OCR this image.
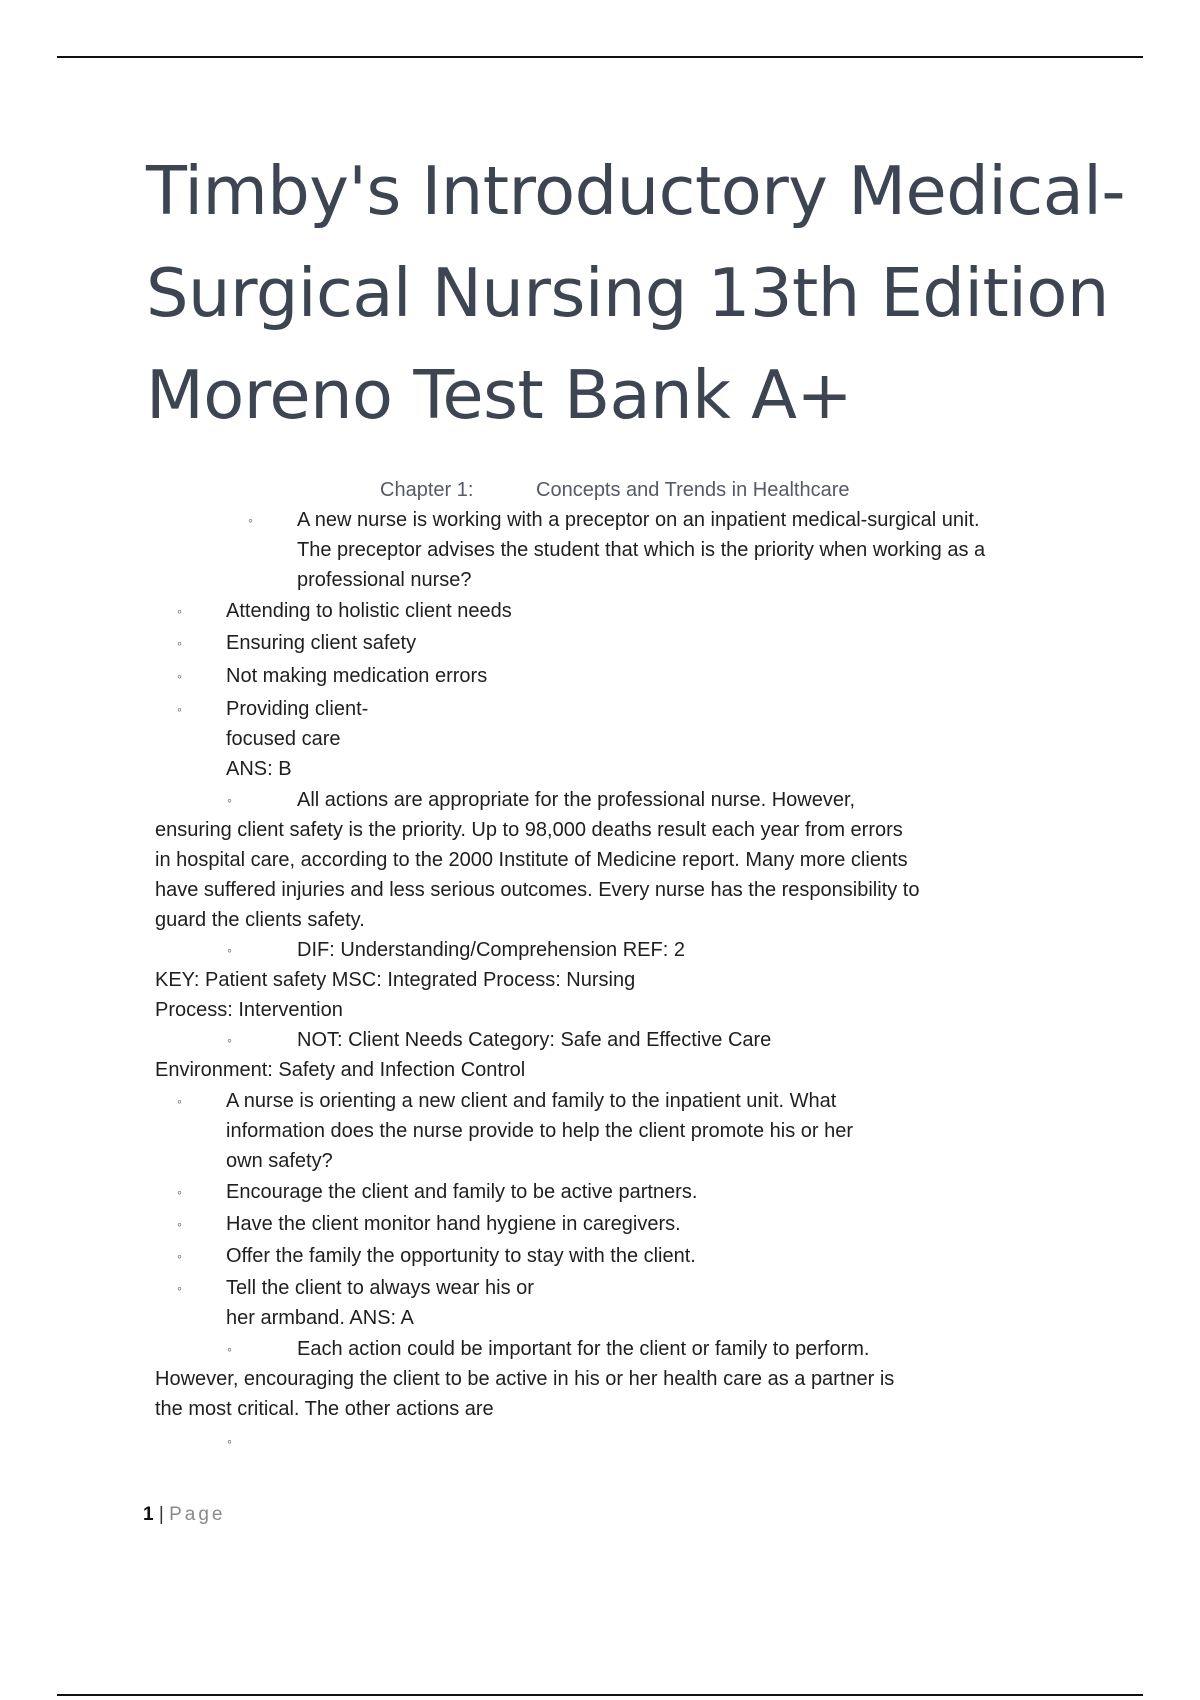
Timby's Introductory Medical-
Surgical Nursing 13th Edition
Moreno Test Bank A+
Chapter 1:	Concepts and Trends in Healthcare
◦ A new nurse is working with a preceptor on an inpatient medical-surgical unit.
The preceptor advises the student that which is the priority when working as a
professional nurse?
◦ Attending to holistic client needs
◦ Ensuring client safety
◦ Not making medication errors
◦ Providing client-
focused care
ANS: B
◦	All actions are appropriate for the professional nurse. However,
ensuring client safety is the priority. Up to 98,000 deaths result each year from errors
in hospital care, according to the 2000 Institute of Medicine report. Many more clients
have suffered injuries and less serious outcomes. Every nurse has the responsibility to
guard the clients safety.
◦	DIF: Understanding/Comprehension REF: 2
KEY: Patient safety MSC: Integrated Process: Nursing
Process: Intervention
◦	NOT: Client Needs Category: Safe and Effective Care
Environment: Safety and Infection Control
◦ A nurse is orienting a new client and family to the inpatient unit. What
information does the nurse provide to help the client promote his or her
own safety?
◦ Encourage the client and family to be active partners.
◦ Have the client monitor hand hygiene in caregivers.
◦ Offer the family the opportunity to stay with the client.
◦ Tell the client to always wear his or
her armband. ANS: A
◦	Each action could be important for the client or family to perform.
However, encouraging the client to be active in his or her health care as a partner is
the most critical. The other actions are
◦
1 | Page
